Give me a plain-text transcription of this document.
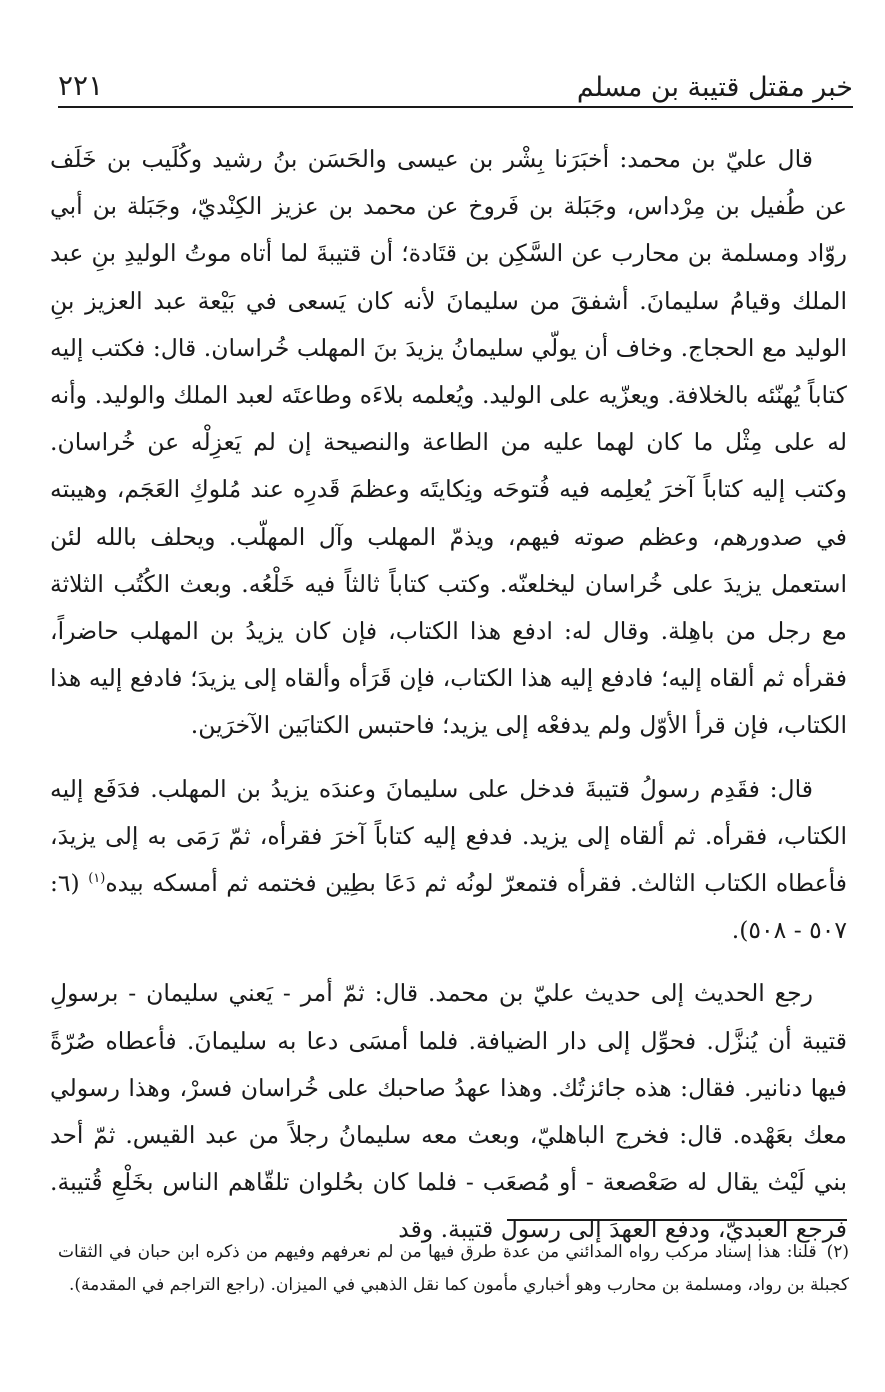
خبر مقتل قتيبة بن مسلم
٢٢١

قال عليّ بن محمد: أخبَرَنا بِشْر بن عيسى والحَسَن بنُ رشيد وكُلَيب بن خَلَف عن طُفيل بن مِرْداس، وجَبَلة بن فَروخ عن محمد بن عزيز الكِنْديّ، وجَبَلة بن أبي روّاد ومسلمة بن محارب عن السَّكِن بن قتَادة؛ أن قتيبةَ لما أتاه موتُ الوليدِ بنِ عبد الملك وقيامُ سليمانَ. أشفقَ من سليمانَ لأنه كان يَسعى في بَيْعة عبد العزيز بنِ الوليد مع الحجاج. وخاف أن يولّي سليمانُ يزيدَ بنَ المهلب خُراسان. قال: فكتب إليه كتاباً يُهنّئه بالخلافة. ويعزّيه على الوليد. ويُعلمه بلاءَه وطاعتَه لعبد الملك والوليد. وأنه له على مِثْل ما كان لهما عليه من الطاعة والنصيحة إن لم يَعزِلْه عن خُراسان. وكتب إليه كتاباً آخرَ يُعلِمه فيه فُتوحَه ونِكايتَه وعظمَ قَدرِه عند مُلوكِ العَجَم، وهيبته في صدورهم، وعظم صوته فيهم، ويذمّ المهلب وآل المهلّب. ويحلف بالله لئن استعمل يزيدَ على خُراسان ليخلعنّه. وكتب كتاباً ثالثاً فيه خَلْعُه. وبعث الكُتُب الثلاثة مع رجل من باهِلة. وقال له: ادفع هذا الكتاب، فإن كان يزيدُ بن المهلب حاضراً، فقرأه ثم ألقاه إليه؛ فادفع إليه هذا الكتاب، فإن قَرَأه وألقاه إلى يزيدَ؛ فادفع إليه هذا الكتاب، فإن قرأ الأوّل ولم يدفعْه إلى يزيد؛ فاحتبس الكتابَين الآخرَين.

قال: فقَدِم رسولُ قتيبةَ فدخل على سليمانَ وعندَه يزيدُ بن المهلب. فدَفَع إليه الكتاب، فقرأه. ثم ألقاه إلى يزيد. فدفع إليه كتاباً آخرَ فقرأه، ثمّ رَمَى به إلى يزيدَ، فأعطاه الكتاب الثالث. فقرأه فتمعرّ لونُه ثم دَعَا بطِين فختمه ثم أمسكه بيده$^{(١)}$ (٦: ٥٠٧ - ٥٠٨).

رجع الحديث إلى حديث عليّ بن محمد. قال: ثمّ أمر - يَعني سليمان - برسولِ قتيبة أن يُنزَّل. فحوِّل إلى دار الضيافة. فلما أمسَى دعا به سليمانَ. فأعطاه صُرّةً فيها دنانير. فقال: هذه جائزتُك. وهذا عهدُ صاحبك على خُراسان فسرْ، وهذا رسولي معك بعَهْده. قال: فخرج الباهليّ، وبعث معه سليمانُ رجلاً من عبد القيس. ثمّ أحد بني لَيْث يقال له صَعْصعة - أو مُصعَب - فلما كان بحُلوان تلقّاهم الناس بخَلْعِ قُتيبة. فرجع العبديّ، ودفع العهدَ إلى رسول قتيبة. وقد

(٢)قلنا: هذا إسناد مركب رواه المدائني من عدة طرق فيها من لم نعرفهم وفيهم من ذكره ابن حبان في الثقات كجبلة بن رواد، ومسلمة بن محارب وهو أخباري مأمون كما نقل الذهبي في الميزان. (راجع التراجم في المقدمة).
